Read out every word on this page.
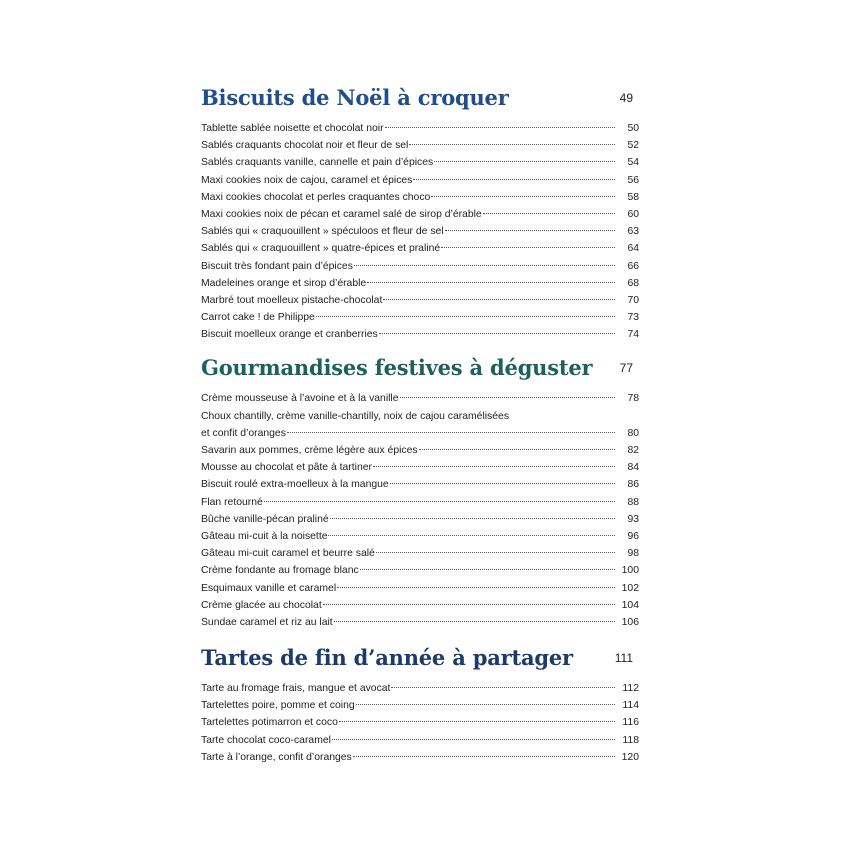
Biscuits de Noël à croquer	49
Tablette sablée noisette et chocolat noir	50
Sablés craquants chocolat noir et fleur de sel	52
Sablés craquants vanille, cannelle et pain d’épices	54
Maxi cookies noix de cajou, caramel et épices	56
Maxi cookies chocolat et perles craquantes choco	58
Maxi cookies noix de pécan et caramel salé de sirop d’érable	60
Sablés qui « craquouillent » spéculoos et fleur de sel	63
Sablés qui « craquouillent » quatre-épices et praliné	64
Biscuit très fondant pain d’épices	66
Madeleines orange et sirop d’érable	68
Marbré tout moelleux pistache-chocolat	70
Carrot cake ! de Philippe	73
Biscuit moelleux orange et cranberries	74
Gourmandises festives à déguster	77
Crème mousseuse à l’avoine et à la vanille	78
Choux chantilly, crème vanille-chantilly, noix de cajou caramélisées
et confit d’oranges	80
Savarin aux pommes, crème légère aux épices	82
Mousse au chocolat et pâte à tartiner	84
Biscuit roulé extra-moelleux à la mangue	86
Flan retourné	88
Bûche vanille-pécan praliné	93
Gâteau mi-cuit à la noisette	96
Gâteau mi-cuit caramel et beurre salé	98
Crème fondante au fromage blanc	100
Esquimaux vanille et caramel	102
Crème glacée au chocolat	104
Sundae caramel et riz au lait	106
Tartes de fin d’année à partager	111
Tarte au fromage frais, mangue et avocat	112
Tartelettes poire, pomme et coing	114
Tartelettes potimarron et coco	116
Tarte chocolat coco-caramel	118
Tarte à l’orange, confit d’oranges	120
